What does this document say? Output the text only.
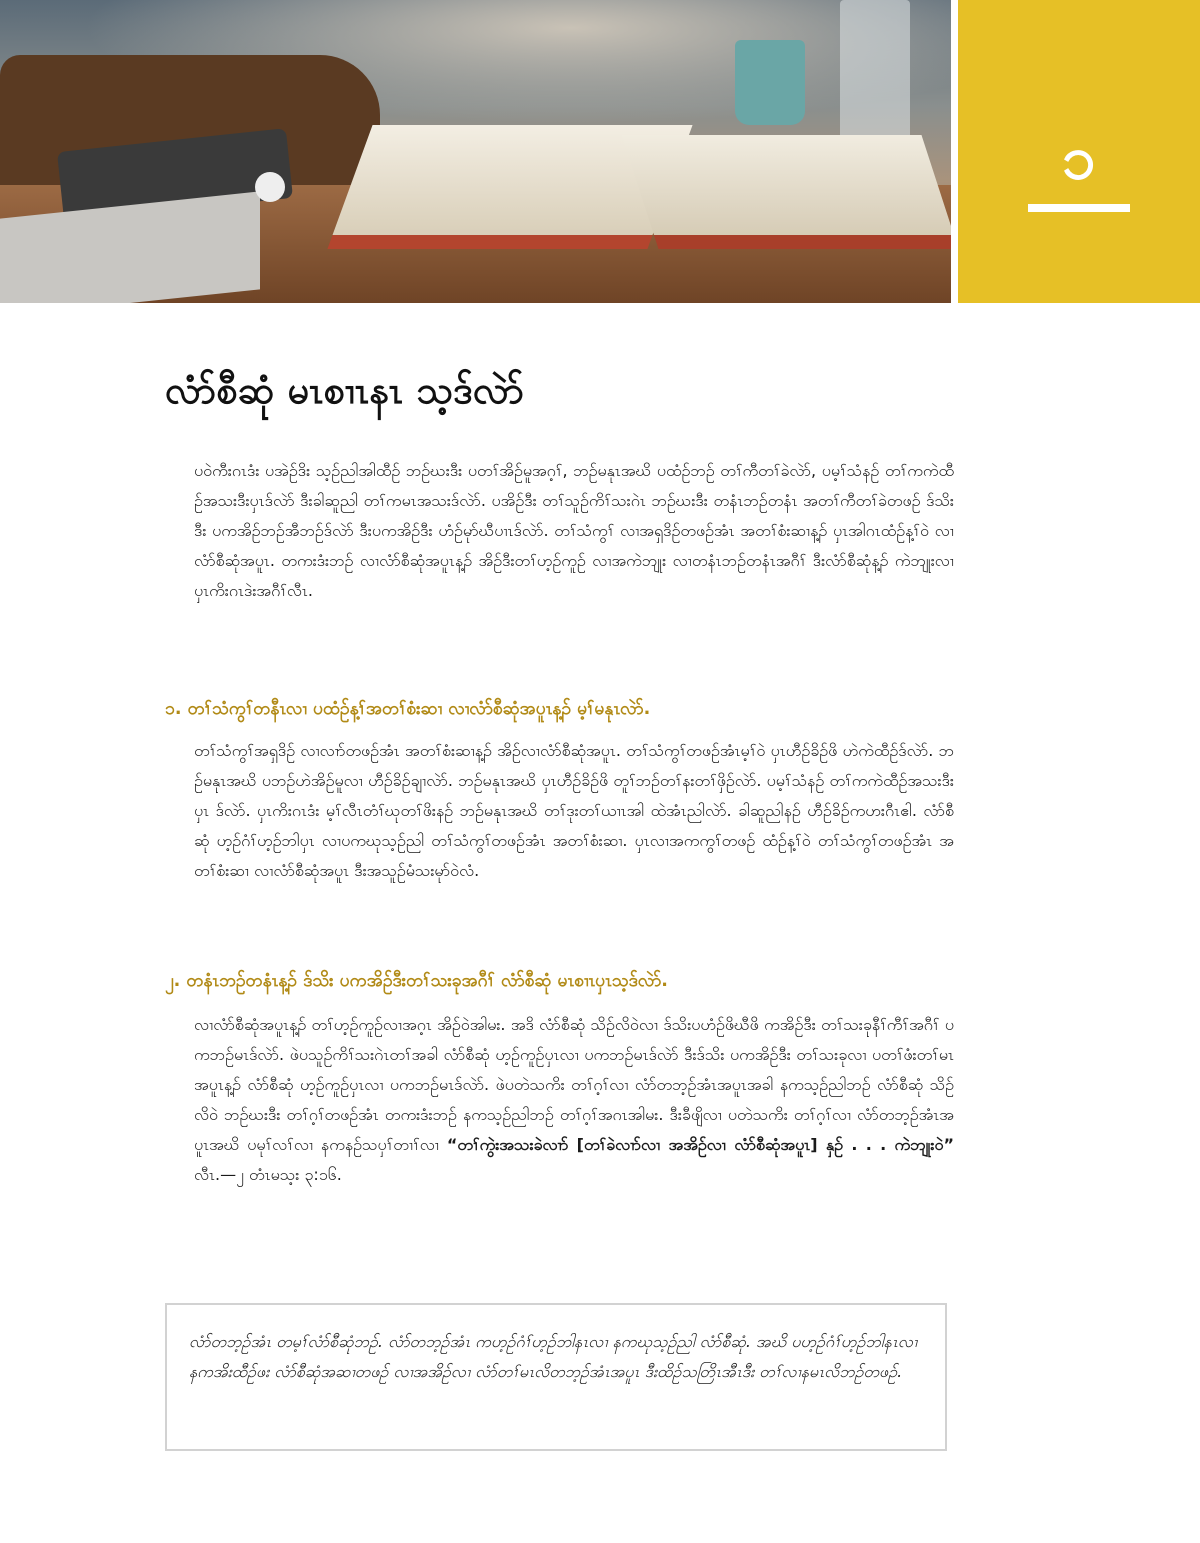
၁
လံာ်စီဆုံ မၤစၢၤနၤ သ့ဒ်လဲာ်

ပဝဲကီးဂၤဒံး ပအဲဉ်ဒိး သ့ဉ်ညါအါထီဉ် ဘဉ်ဃးဒီး ပတၢ်အိဉ်မူအဂ့ၢ်, ဘဉ်မနုၤအဃိ ပထံဉ်ဘဉ် တၢ်ကီတၢ်ခဲလဲာ်, ပမ့ၢ်သံနဉ် တၢ်ကကဲထီဉ်အသးဒီးပှၤဒ်လဲာ် ဒီးခါဆူညါ တၢ်ကမၤအသးဒ်လဲာ်. ပအိဉ်ဒီး တၢ်သူဉ်ကိၢ်သးဂဲၤ ဘဉ်ဃးဒီး တနံၤဘဉ်တနံၤ အတၢ်ကီတၢ်ခဲတဖဉ် ဒ်သိးဒီး ပကအိဉ်ဘဉ်အီဘဉ်ဒ်လဲာ် ဒီးပကအိဉ်ဒီး ဟံဉ်မုာ်ဃီပၢၤဒ်လဲာ်. တၢ်သံကွၢ် လၢအရှဒိဉ်တဖဉ်အံၤ အတၢ်စံးဆၢန့ၣ် ပှၤအါဂၤထံဉ်န့ၢ်ဝဲ လၢလံာ်စီဆုံအပူၤ. တကးဒံးဘဉ် လၢလံာ်စီဆုံအပူၤန့ၣ် အိဉ်ဒီးတၢ်ဟ့ဉ်ကူဉ် လၢအကဲဘျုး လၢတနံၤဘဉ်တနံၤအဂီၢ် ဒီးလံာ်စီဆုံန့ၣ် ကဲဘျုးလၢ ပှၤကိးဂၤဒဲးအဂီၢ်လီၤ.

၁. တၢ်သံကွၢ်တနီၤလၢ ပထံဉ်န့ၢ်အတၢ်စံးဆၢ လၢလံာ်စီဆုံအပူၤန့ၣ် မ့ၢ်မနုၤလဲာ်.

တၢ်သံကွၢ်အရှဒိဉ် လၢလၢာ်တဖဉ်အံၤ အတၢ်စံးဆၢန့ၣ် အိဉ်လၢလံာ်စီဆုံအပူၤ. တၢ်သံကွၢ်တဖဉ်အံၤမ့ၢ်ဝဲ ပှၤဟီဉ်ခိဉ်ဖိ ဟဲကဲထီဉ်ဒ်လဲာ်. ဘဉ်မနုၤအဃိ ပဘဉ်ဟဲအိဉ်မူလၢ ဟီဉ်ခိဉ်ချၢလဲာ်. ဘဉ်မနုၤအဃိ ပှၤဟီဉ်ခိဉ်ဖိ တူၢ်ဘဉ်တၢ်နးတၢ်ဖှိဉ်လဲာ်. ပမ့ၢ်သံနဉ် တၢ်ကကဲထီဉ်အသးဒီးပှၤ ဒ်လဲာ်. ပှၤကိးဂၤဒံး မ့ၢ်လီၤတံၢ်ဃုတၢ်ဖိးနဉ် ဘဉ်မနုၤအဃိ တၢ်ဒုးတၢ်ယၢၤအါ ထဲအံၤညါလဲာ်. ခါဆူညါနဉ် ဟီဉ်ခိဉ်ကဟးဂီၤဧါ. လံာ်စီဆုံ ဟ့ဉ်ဂံၢ်ဟ့ဉ်ဘါပှၤ လၢပကဃုသ့ဉ်ညါ တၢ်သံကွၢ်တဖဉ်အံၤ အတၢ်စံးဆၢ. ပှၤလၢအကကွၢ်တဖဉ် ထံဉ်န့ၢ်ဝဲ တၢ်သံကွၢ်တဖဉ်အံၤ အတၢ်စံးဆၢ လၢလံာ်စီဆုံအပူၤ ဒီးအသူဉ်မံသးမုာ်ဝဲလံ.

၂. တနံၤဘဉ်တနံၤန့ၣ် ဒ်သိး ပကအိဉ်ဒီးတၢ်သးခုအဂီၢ် လံာ်စီဆုံ မၤစၢၤပှၤသ့ဒ်လဲာ်.

လၢလံာ်စီဆုံအပူၤန့ၣ် တၢ်ဟ့ဉ်ကူဉ်လၢအဂ့ၤ အိဉ်ဝဲအါမး. အဒိ လံာ်စီဆုံ သိဉ်လိဝဲလၢ ဒ်သိးပဟံဉ်ဖိဃီဖိ ကအိဉ်ဒီး တၢ်သးခုနီၢ်ကီၢ်အဂီၢ် ပကဘဉ်မၤဒ်လဲာ်. ဖဲပသူဉ်ကိၢ်သးဂဲၤတၢ်အခါ လံာ်စီဆုံ ဟ့ဉ်ကူဉ်ပှၤလၢ ပကဘဉ်မၤဒ်လဲာ် ဒီးဒ်သိး ပကအိဉ်ဒီး တၢ်သးခုလၢ ပတၢ်ဖံးတၢ်မၤအပူၤန့ၣ် လံာ်စီဆုံ ဟ့ဉ်ကူဉ်ပှၤလၢ ပကဘဉ်မၤဒ်လဲာ်. ဖဲပတဲသကိး တၢ်ဂ့ၢ်လၢ လံာ်တဘ့ဉ်အံၤအပူၤအခါ နကသ့ဉ်ညါဘဉ် လံာ်စီဆုံ သိဉ်လိဝဲ ဘဉ်ဃးဒီး တၢ်ဂ့ၢ်တဖဉ်အံၤ တကးဒံးဘဉ် နကသ့ဉ်ညါဘဉ် တၢ်ဂ့ၢ်အဂၤအါမး. ဒီးခီဖျိလၢ ပတဲသကိး တၢ်ဂ့ၢ်လၢ လံာ်တဘ့ဉ်အံၤအပူၤအဃိ ပမုၢ်လၢ်လၢ နကနဉ်သပှၢ်တၢၢ်လၢ “တၢ်ကွဲးအသးခဲလၢာ် [တၢ်ခဲလၢာ်လၢ အအိဉ်လၢ လံာ်စီဆုံအပူၤ] နှဉ် . . . ကဲဘျုးဝဲ” လီၤ.—၂ တံၤမသ့း ၃:၁၆.

လံာ်တဘ့ဉ်အံၤ တမ့ၢ်လံာ်စီဆုံဘဉ်. လံာ်တဘ့ဉ်အံၤ ကဟ့ဉ်ဂံၢ်ဟ့ဉ်ဘါနၤလၢ နကဃုသ့ဉ်ညါ လံာ်စီဆုံ. အဃိ ပဟ့ဉ်ဂံၢ်ဟ့ဉ်ဘါနၤလၢ နကအိးထီဉ်ဖး လံာ်စီဆုံအဆၢတဖဉ် လၢအအိဉ်လၢ လံာ်တၢ်မၤလိတဘ့ဉ်အံၤအပူၤ ဒီးထိဉ်သတြိၤအီၤဒီး တၢ်လၢနမၤလိဘဉ်တဖဉ်.
